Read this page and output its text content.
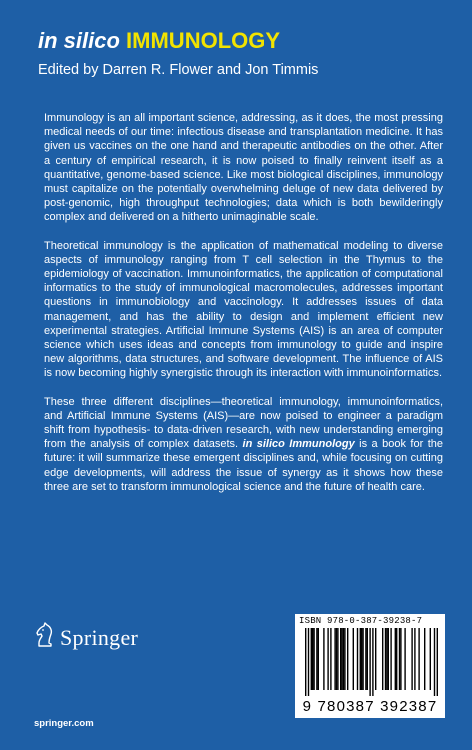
in silico IMMUNOLOGY
Edited by Darren R. Flower and Jon Timmis

Immunology is an all important science, addressing, as it does, the most pressing medical needs of our time: infectious disease and transplantation medicine. It has given us vaccines on the one hand and therapeutic antibodies on the other. After a century of empirical research, it is now poised to finally reinvent itself as a quantitative, genome-based science. Like most biological disciplines, immunology must capitalize on the potentially overwhelming deluge of new data delivered by post-genomic, high throughput technologies; data which is both bewilderingly complex and delivered on a hitherto unimaginable scale.

Theoretical immunology is the application of mathematical modeling to diverse aspects of immunology ranging from T cell selection in the Thymus to the epidemiology of vaccination. Immunoinformatics, the application of computational informatics to the study of immunological macromolecules, addresses important questions in immunobiology and vaccinology. It addresses issues of data management, and has the ability to design and implement efficient new experimental strategies. Artificial Immune Systems (AIS) is an area of computer science which uses ideas and concepts from immunology to guide and inspire new algorithms, data structures, and software development. The influence of AIS is now becoming highly synergistic through its interaction with immunoinformatics.

These three different disciplines—theoretical immunology, immunoinformatics, and Artificial Immune Systems (AIS)—are now poised to engineer a paradigm shift from hypothesis- to data-driven research, with new understanding emerging from the analysis of complex datasets. in silico Immunology is a book for the future: it will summarize these emergent disciplines and, while focusing on cutting edge developments, will address the issue of synergy as it shows how these three are set to transform immunological science and the future of health care.

Springer
springer.com
ISBN 978-0-387-39238-7
9 780387 392387
